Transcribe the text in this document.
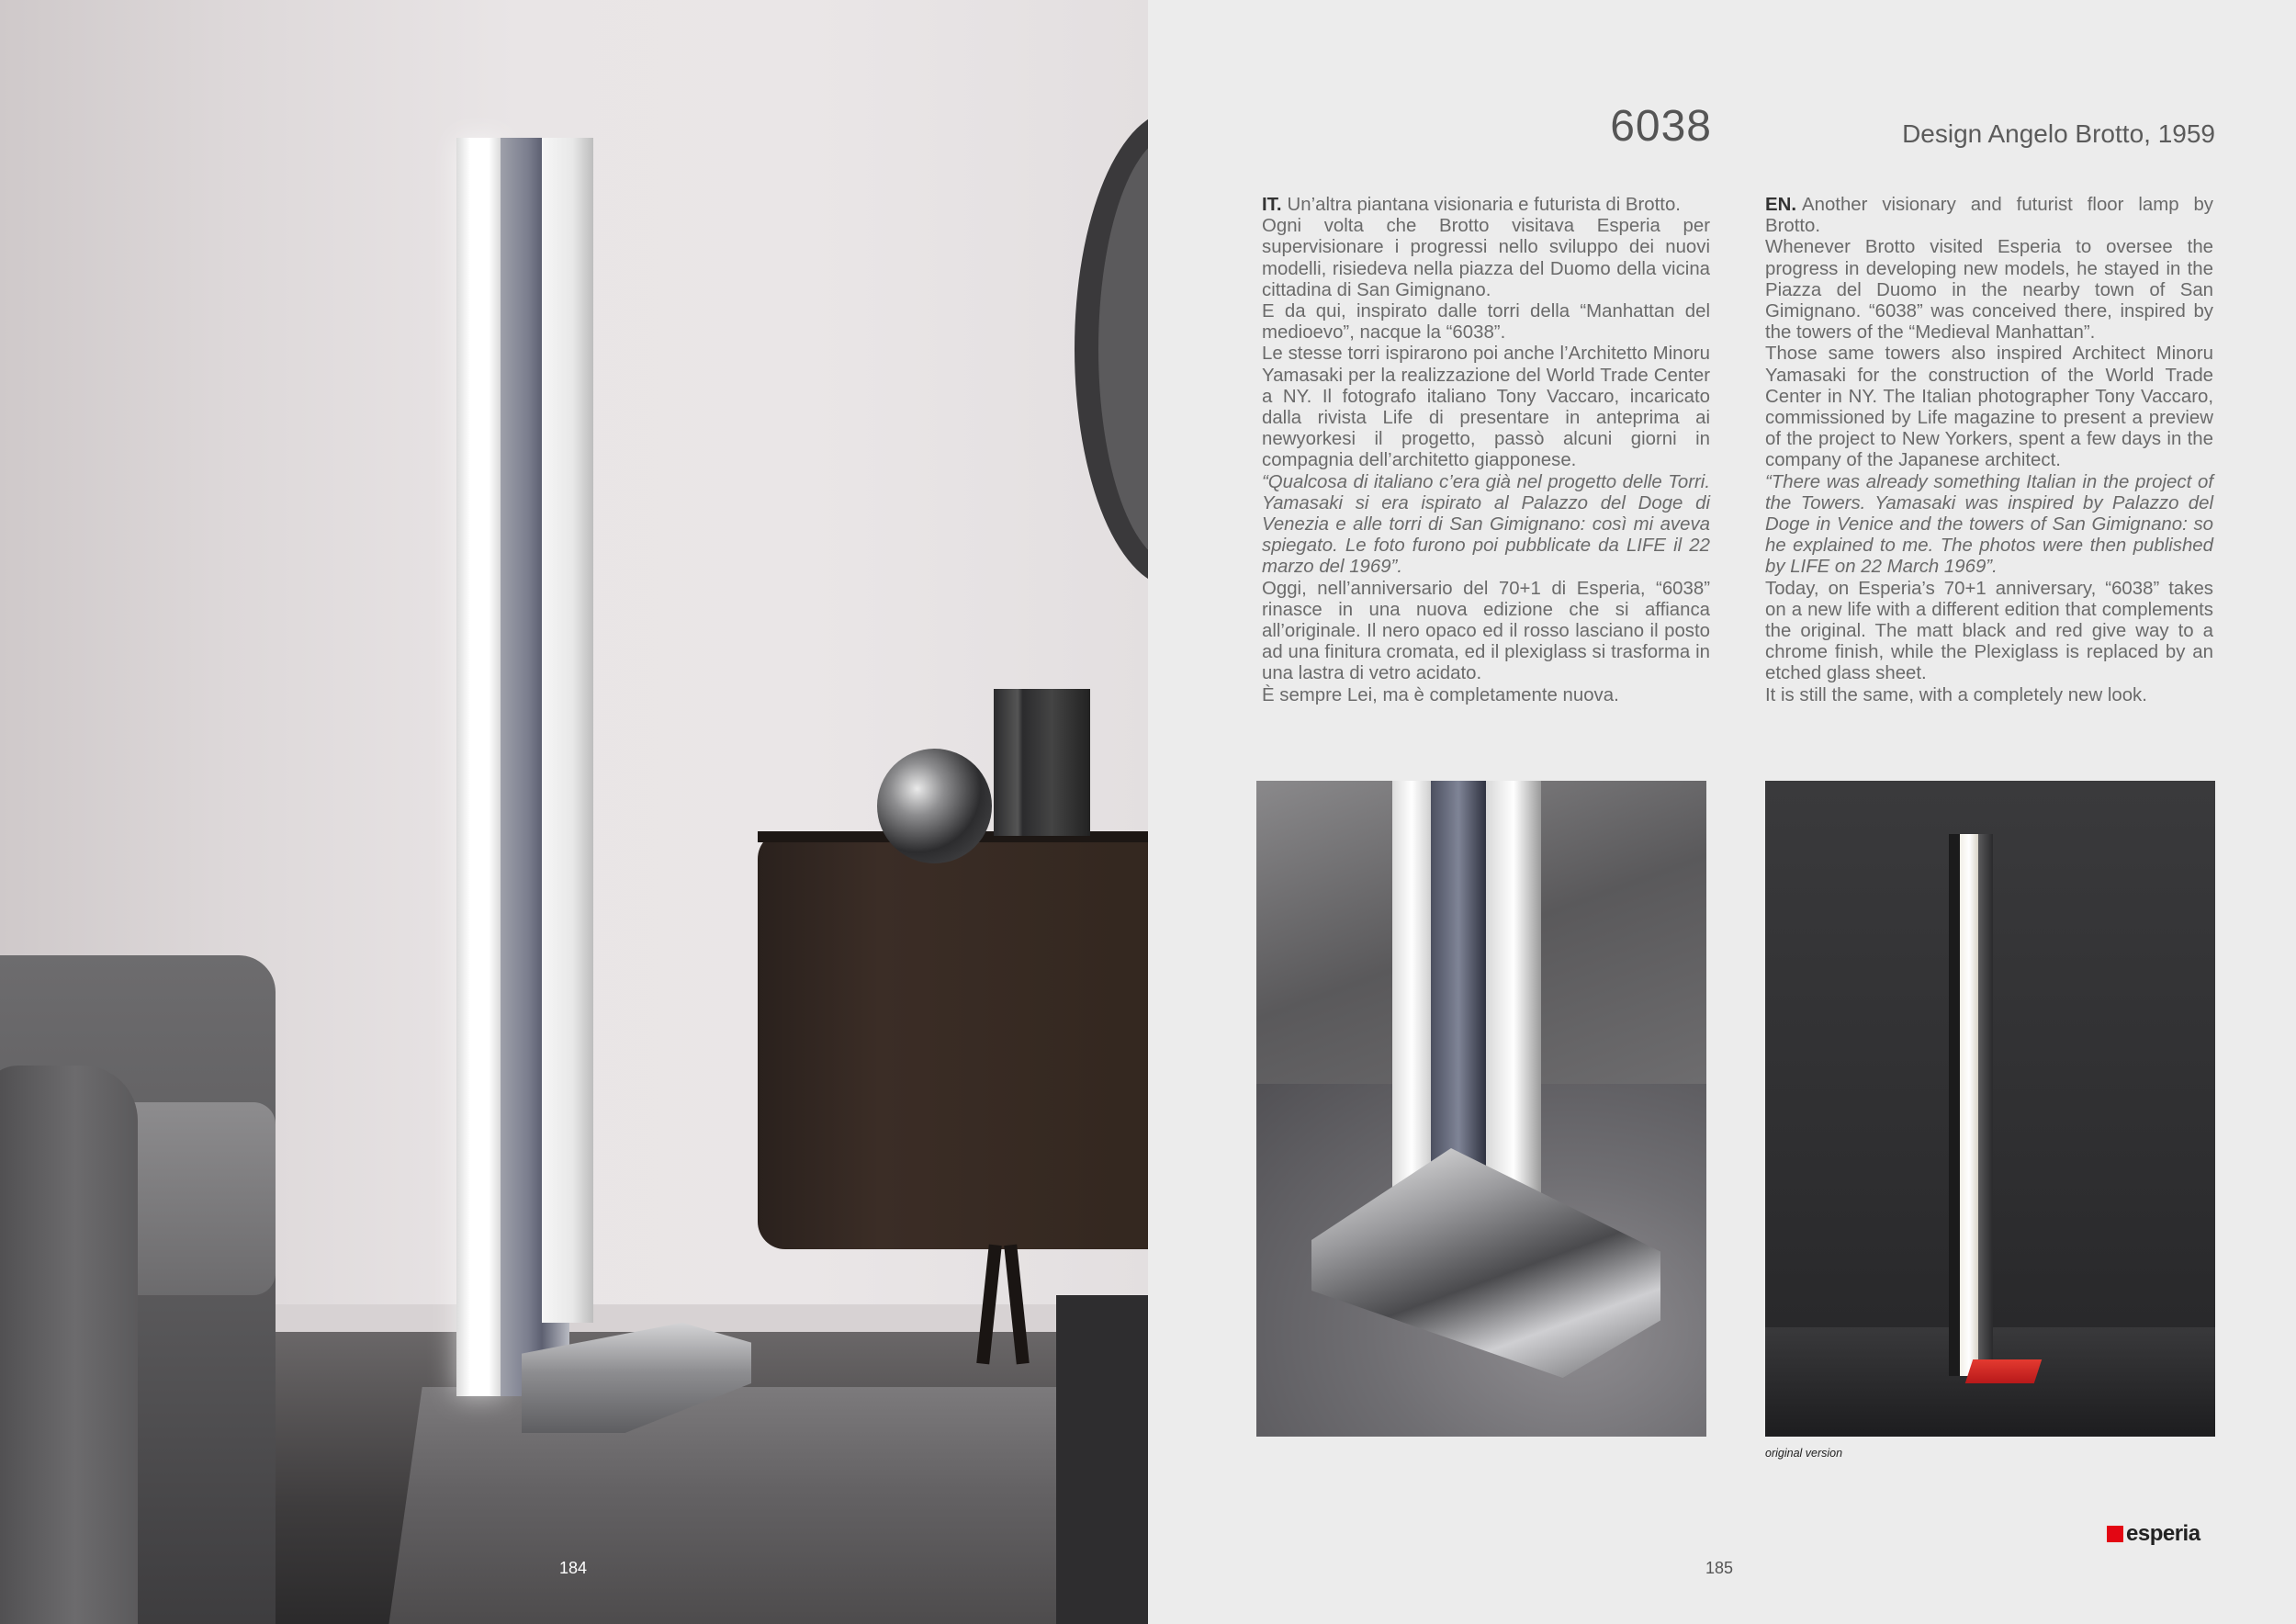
184
6038	Design Angelo Brotto, 1959

IT. Un’altra piantana visionaria e futurista di Brotto.

Ogni volta che Brotto visitava Esperia per supervisionare i progressi nello sviluppo dei nuovi modelli, risiedeva nella piazza del Duomo della vicina cittadina di San Gimignano.

E da qui, inspirato dalle torri della “Manhattan del medioevo”, nacque la “6038”.

Le stesse torri ispirarono poi anche l’Architetto Minoru Yamasaki per la realizzazione del World Trade Center a NY. Il fotografo italiano Tony Vaccaro, incaricato dalla rivista Life di presentare in anteprima ai newyorkesi il progetto, passò alcuni giorni in compagnia dell’architetto giapponese.

“Qualcosa di italiano c’era già nel progetto delle Torri. Yamasaki si era ispirato al Palazzo del Doge di Venezia e alle torri di San Gimignano: così mi aveva spiegato. Le foto furono poi pubblicate da LIFE il 22 marzo del 1969”.

Oggi, nell’anniversario del 70+1 di Esperia, “6038” rinasce in una nuova edizione che si affianca all’originale. Il nero opaco ed il rosso lasciano il posto ad una finitura cromata, ed il plexiglass si trasforma in una lastra di vetro acidato.

È sempre Lei, ma è completamente nuova.

EN. Another visionary and futurist floor lamp by Brotto.

Whenever Brotto visited Esperia to oversee the progress in developing new models, he stayed in the Piazza del Duomo in the nearby town of San Gimignano. “6038” was conceived there, inspired by the towers of the “Medieval Manhattan”.

Those same towers also inspired Architect Minoru Yamasaki for the construction of the World Trade Center in NY. The Italian photographer Tony Vaccaro, commissioned by Life magazine to present a preview of the project to New Yorkers, spent a few days in the company of the Japanese architect.

“There was already something Italian in the project of the Towers. Yamasaki was inspired by Palazzo del Doge in Venice and the towers of San Gimignano: so he explained to me. The photos were then published by LIFE on 22 March 1969”.

Today, on Esperia’s 70+1 anniversary, “6038” takes on a new life with a different edition that complements the original. The matt black and red give way to a chrome finish, while the Plexiglass is replaced by an etched glass sheet.

It is still the same, with a completely new look.

original version
esperia
185
